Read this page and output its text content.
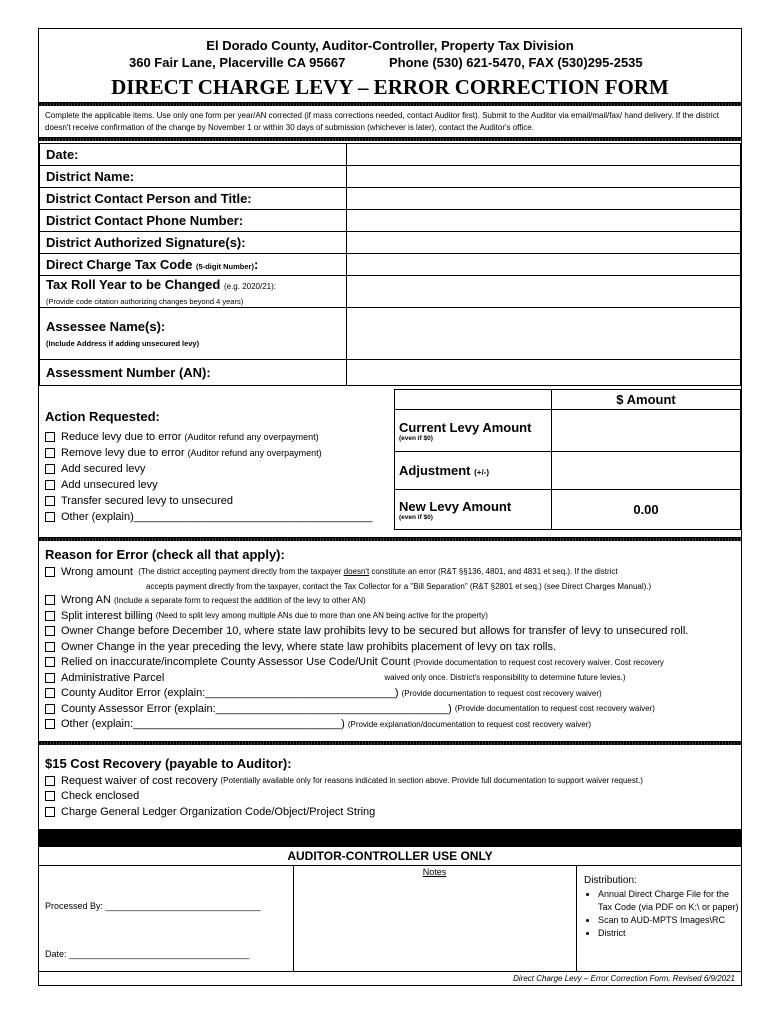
El Dorado County, Auditor-Controller, Property Tax Division
360 Fair Lane, Placerville CA 95667	Phone (530) 621-5470, FAX (530)295-2535
DIRECT CHARGE LEVY – ERROR CORRECTION FORM
Complete the applicable items. Use only one form per year/AN corrected (if mass corrections needed, contact Auditor first). Submit to the Auditor via email/mail/fax/ hand delivery. If the district doesn't receive confirmation of the change by November 1 or within 30 days of submission (whichever is later), contact the Auditor's office.
Date:	
District Name:	
District Contact Person and Title:	
District Contact Phone Number:	
District Authorized Signature(s):	
Direct Charge Tax Code (5-digit Number):	
Tax Roll Year to be Changed (e.g. 2020/21):
(Provide code citation authorizing changes beyond 4 years)	
Assessee Name(s):
(Include Address if adding unsecured levy)	
Assessment Number (AN):	
Action Requested:
Reduce levy due to error
(Auditor refund any overpayment)
Remove levy due to error
(Auditor refund any overpayment)
Add secured levy
Add unsecured levy
Transfer secured levy to unsecured
Other (explain)_______________________________________
	$ Amount
Current Levy Amount
(even if $0)	

Adjustment (+/-)	
New Levy Amount
(even if $0)	0.00
Reason for Error (check all that apply):
Wrong amount (The district accepting payment directly from the taxpayer doesn't constitute an error (R&T §§136, 4801, and 4831 et seq.). If the district
accepts payment directly from the taxpayer, contact the Tax Collector for a "Bill Separation" (R&T §2801 et seq.) (see Direct Charges Manual).)
Wrong AN (Include a separate form to request the addition of the levy to other AN)
Split interest billing (Need to split levy among multiple ANs due to more than one AN being active for the property)
Owner Change before December 10, where state law prohibits levy to be secured but allows for transfer of levy to unsecured roll.
Owner Change in the year preceding the levy, where state law prohibits placement of levy on tax rolls.
Relied on inaccurate/incomplete County Assessor Use Code/Unit Count (Provide documentation to request cost recovery waiver. Cost recovery
Administrative Parcel	waived only once. District's responsibility to determine future levies.)
County Auditor Error (explain:_______________________________) (Provide documentation to request cost recovery waiver)
County Assessor Error (explain:______________________________________) (Provide documentation to request cost recovery waiver)
Other (explain:__________________________________) (Provide explanation/documentation to request cost recovery waiver)
$15 Cost Recovery (payable to Auditor):
Request waiver of cost recovery (Potentially available only for reasons indicated in section above. Provide full documentation to support waiver request.)
Check enclosed
Charge General Ledger Organization Code/Object/Project String
AUDITOR-CONTROLLER USE ONLY
Processed By: _______________________________
Date: ____________________________________
Notes
Distribution:
• Annual Direct Charge File for the Tax Code (via PDF on K:\ or paper)
• Scan to AUD-MPTS Images\RC
• District
Direct Charge Levy – Error Correction Form, Revised 6/9/2021
